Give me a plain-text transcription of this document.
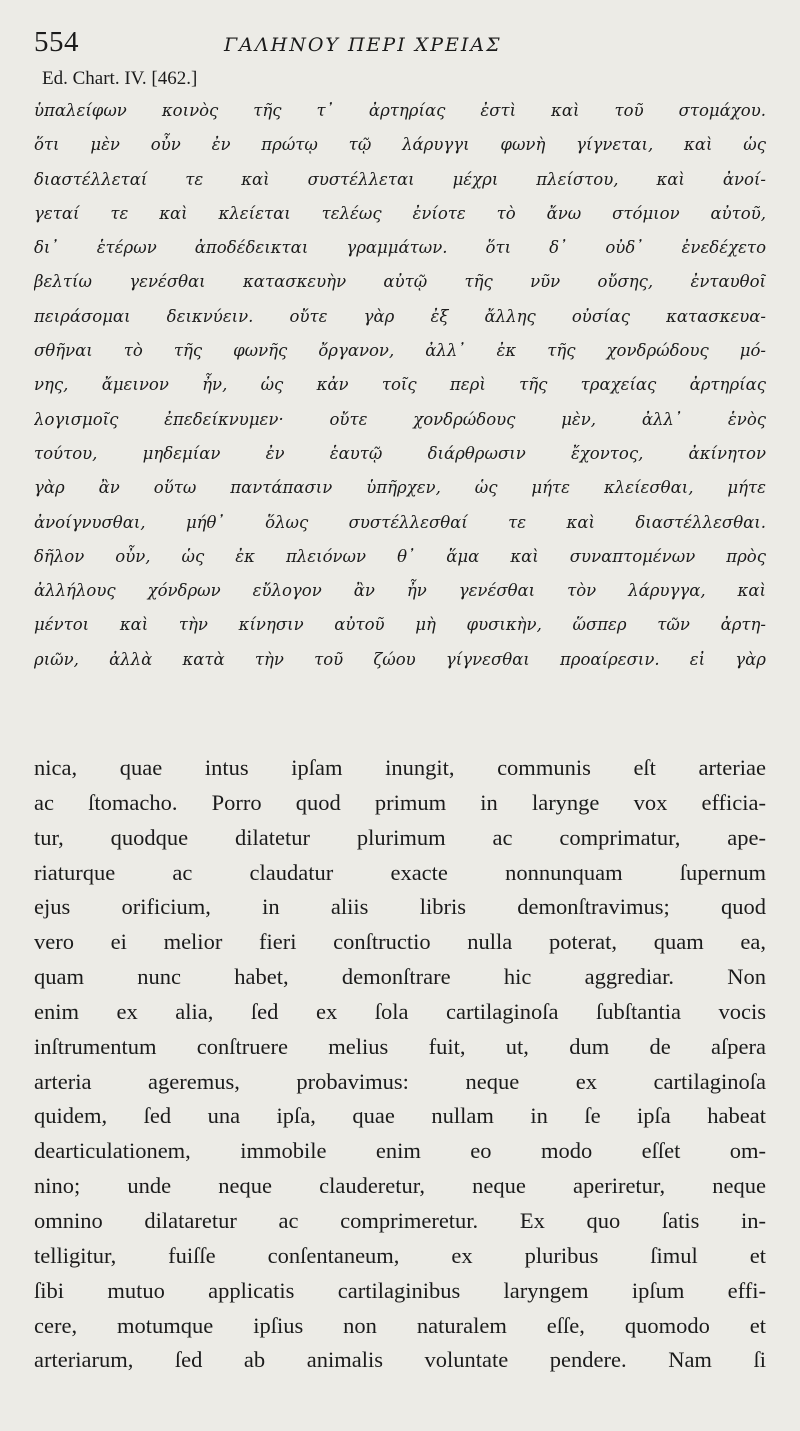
554	ΓΑΛΗΝΟΥ ΠΕΡΙ ΧΡΕΙΑΣ
Ed. Chart. IV. [462.]
ὑπαλείφων κοινὸς τῆς τ᾽ ἀρτηρίας ἐστὶ καὶ τοῦ στομάχου.
ὅτι μὲν οὖν ἐν πρώτῳ τῷ λάρυγγι φωνὴ γίγνεται, καὶ ὡς
διαστέλλεταί τε καὶ συστέλλεται μέχρι πλείστου, καὶ ἀνοί-
γεταί τε καὶ κλείεται τελέως ἐνίοτε τὸ ἄνω στόμιον αὐτοῦ,
δι᾽ ἑτέρων ἀποδέδεικται γραμμάτων. ὅτι δ᾽ οὐδ᾽ ἐνεδέχετο
βελτίω γενέσθαι κατασκευὴν αὐτῷ τῆς νῦν οὔσης, ἐνταυθοῖ
πειράσομαι δεικνύειν. οὔτε γὰρ ἐξ ἄλλης οὐσίας κατασκευα-
σθῆναι τὸ τῆς φωνῆς ὄργανον, ἀλλ᾽ ἐκ τῆς χονδρώδους μό-
νης, ἄμεινον ἦν, ὡς κἀν τοῖς περὶ τῆς τραχείας ἀρτηρίας
λογισμοῖς ἐπεδείκνυμεν· οὔτε χονδρώδους μὲν, ἀλλ᾽ ἑνὸς
τούτου, μηδεμίαν ἐν ἑαυτῷ διάρθρωσιν ἔχοντος, ἀκίνητον
γὰρ ἂν οὕτω παντάπασιν ὑπῆρχεν, ὡς μήτε κλείεσθαι, μήτε
ἀνοίγνυσθαι, μήθ᾽ ὅλως συστέλλεσθαί τε καὶ διαστέλλεσθαι.
δῆλον οὖν, ὡς ἐκ πλειόνων θ᾽ ἅμα καὶ συναπτομένων πρὸς
ἀλλήλους χόνδρων εὔλογον ἂν ἦν γενέσθαι τὸν λάρυγγα, καὶ
μέντοι καὶ τὴν κίνησιν αὐτοῦ μὴ φυσικὴν, ὥσπερ τῶν ἀρτη-
ριῶν, ἀλλὰ κατὰ τὴν τοῦ ζώου γίγνεσθαι προαίρεσιν. εἰ γὰρ
nica, quae intus ipſam inungit, communis eſt arteriae
ac ſtomacho. Porro quod primum in larynge vox efficia-
tur, quodque dilatetur plurimum ac comprimatur, ape-
riaturque ac claudatur exacte nonnunquam ſupernum
ejus orificium, in aliis libris demonſtravimus; quod
vero ei melior fieri conſtructio nulla poterat, quam ea,
quam nunc habet, demonſtrare hic aggrediar. Non
enim ex alia, ſed ex ſola cartilaginoſa ſubſtantia vocis
inſtrumentum conſtruere melius fuit, ut, dum de aſpera
arteria ageremus, probavimus: neque ex cartilaginoſa
quidem, ſed una ipſa, quae nullam in ſe ipſa habeat
dearticulationem, immobile enim eo modo eſſet om-
nino; unde neque clauderetur, neque aperiretur, neque
omnino dilataretur ac comprimeretur. Ex quo ſatis in-
telligitur, fuiſſe conſentaneum, ex pluribus ſimul et
ſibi mutuo applicatis cartilaginibus laryngem ipſum effi-
cere, motumque ipſius non naturalem eſſe, quomodo et
arteriarum, ſed ab animalis voluntate pendere. Nam ſi
